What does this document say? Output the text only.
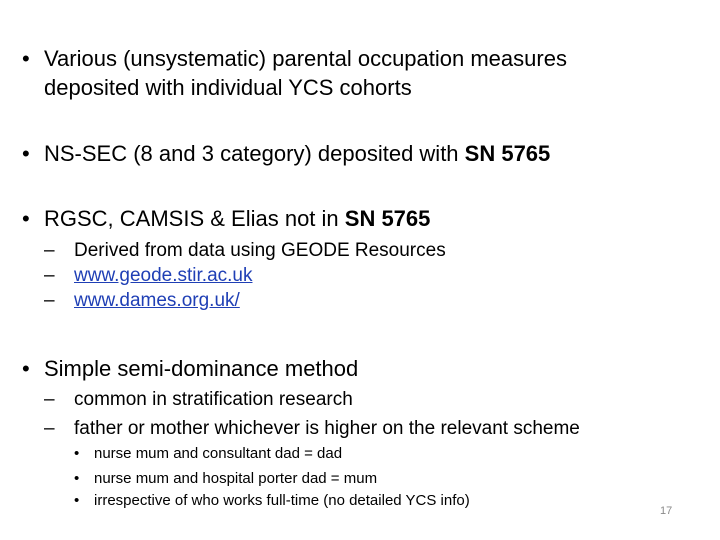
• Various (unsystematic) parental occupation measures
deposited with individual YCS cohorts
• NS-SEC (8 and 3 category) deposited with SN 5765
• RGSC, CAMSIS & Elias not in SN 5765
– Derived from data using GEODE Resources
– www.geode.stir.ac.uk
– www.dames.org.uk/
• Simple semi-dominance method
– common in stratification research
– father or mother whichever is higher on the relevant scheme
• nurse mum and consultant dad = dad
• nurse mum and hospital porter dad = mum
• irrespective of who works full-time (no detailed YCS info)
17
